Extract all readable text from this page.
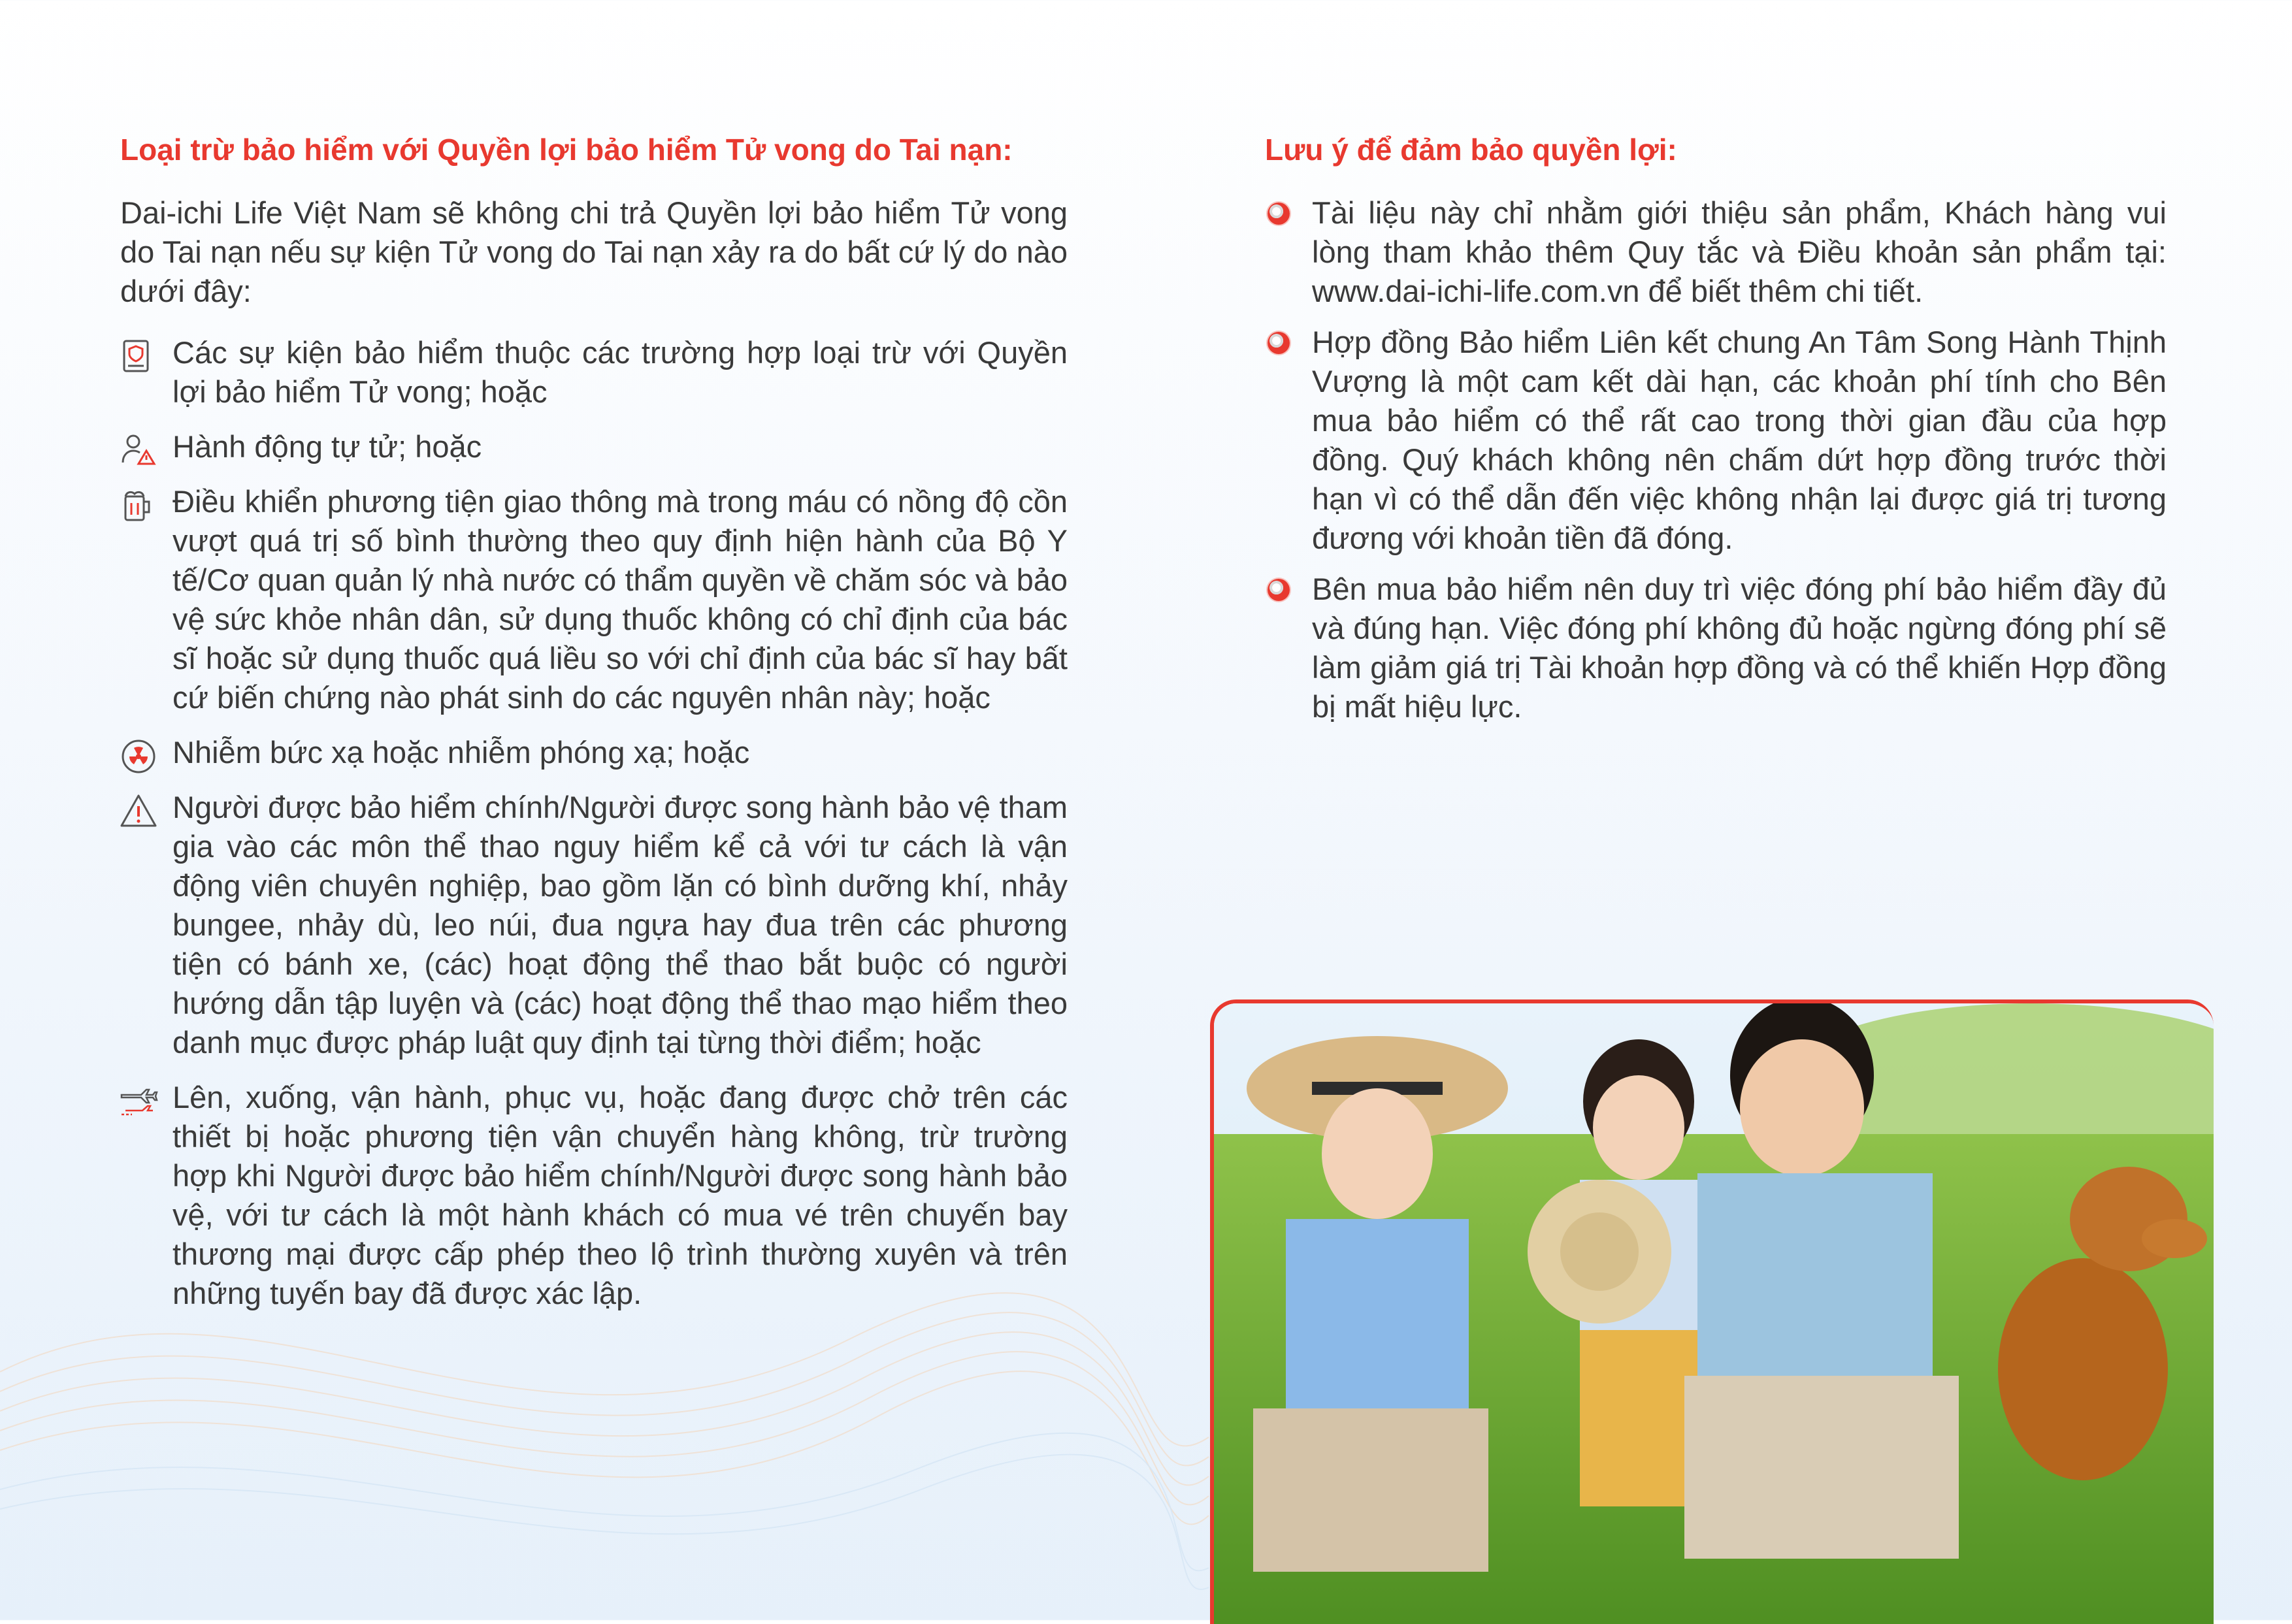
Loại trừ bảo hiểm với Quyền lợi bảo hiểm Tử vong do Tai nạn:

Dai-ichi Life Việt Nam sẽ không chi trả Quyền lợi bảo hiểm Tử vong do Tai nạn nếu sự kiện Tử vong do Tai nạn xảy ra do bất cứ lý do nào dưới đây:

Các sự kiện bảo hiểm thuộc các trường hợp loại trừ với Quyền lợi bảo hiểm Tử vong; hoặc
Hành động tự tử; hoặc
Điều khiển phương tiện giao thông mà trong máu có nồng độ cồn vượt quá trị số bình thường theo quy định hiện hành của Bộ Y tế/Cơ quan quản lý nhà nước có thẩm quyền về chăm sóc và bảo vệ sức khỏe nhân dân, sử dụng thuốc không có chỉ định của bác sĩ hoặc sử dụng thuốc quá liều so với chỉ định của bác sĩ hay bất cứ biến chứng nào phát sinh do các nguyên nhân này; hoặc
Nhiễm bức xạ hoặc nhiễm phóng xạ; hoặc
Người được bảo hiểm chính/Người được song hành bảo vệ tham gia vào các môn thể thao nguy hiểm kể cả với tư cách là vận động viên chuyên nghiệp, bao gồm lặn có bình dưỡng khí, nhảy bungee, nhảy dù, leo núi, đua ngựa hay đua trên các phương tiện có bánh xe, (các) hoạt động thể thao bắt buộc có người hướng dẫn tập luyện và (các) hoạt động thể thao mạo hiểm theo danh mục được pháp luật quy định tại từng thời điểm; hoặc
Lên, xuống, vận hành, phục vụ, hoặc đang được chở trên các thiết bị hoặc phương tiện vận chuyển hàng không, trừ trường hợp khi Người được bảo hiểm chính/Người được song hành bảo vệ, với tư cách là một hành khách có mua vé trên chuyến bay thương mại được cấp phép theo lộ trình thường xuyên và trên những tuyến bay đã được xác lập.
Lưu ý để đảm bảo quyền lợi:
Tài liệu này chỉ nhằm giới thiệu sản phẩm, Khách hàng vui lòng tham khảo thêm Quy tắc và Điều khoản sản phẩm tại: www.dai-ichi-life.com.vn để biết thêm chi tiết.
Hợp đồng Bảo hiểm Liên kết chung An Tâm Song Hành Thịnh Vượng là một cam kết dài hạn, các khoản phí tính cho Bên mua bảo hiểm có thể rất cao trong thời gian đầu của hợp đồng. Quý khách không nên chấm dứt hợp đồng trước thời hạn vì có thể dẫn đến việc không nhận lại được giá trị tương đương với khoản tiền đã đóng.
Bên mua bảo hiểm nên duy trì việc đóng phí bảo hiểm đầy đủ và đúng hạn. Việc đóng phí không đủ hoặc ngừng đóng phí sẽ làm giảm giá trị Tài khoản hợp đồng và có thể khiến Hợp đồng bị mất hiệu lực.
